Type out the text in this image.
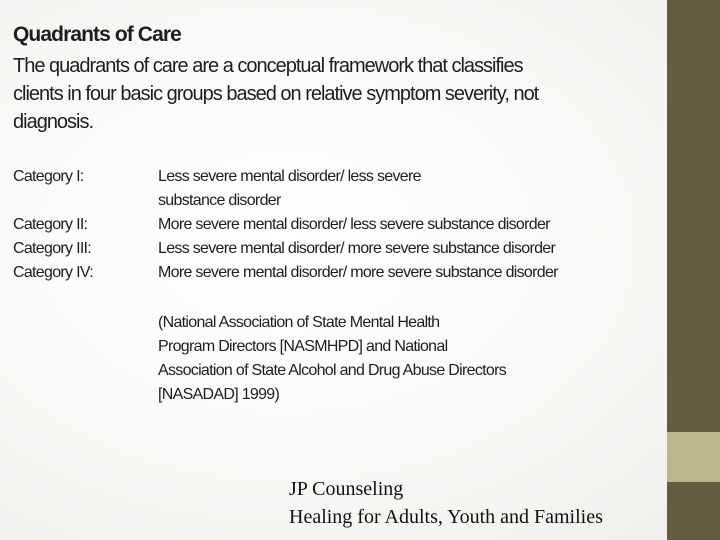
Quadrants of Care
The quadrants of care are a conceptual framework that classifies
clients in four basic groups based on relative symptom severity, not
diagnosis.
Category I:	Less severe mental disorder/ less severe
substance disorder
Category II:	More severe mental disorder/ less severe substance disorder
Category III:	Less severe mental disorder/ more severe substance disorder
Category IV:	More severe mental disorder/ more severe substance disorder
(National Association of State Mental Health
Program Directors [NASMHPD] and National
Association of State Alcohol and Drug Abuse Directors
[NASADAD] 1999)
JP Counseling
Healing for Adults, Youth and Families
